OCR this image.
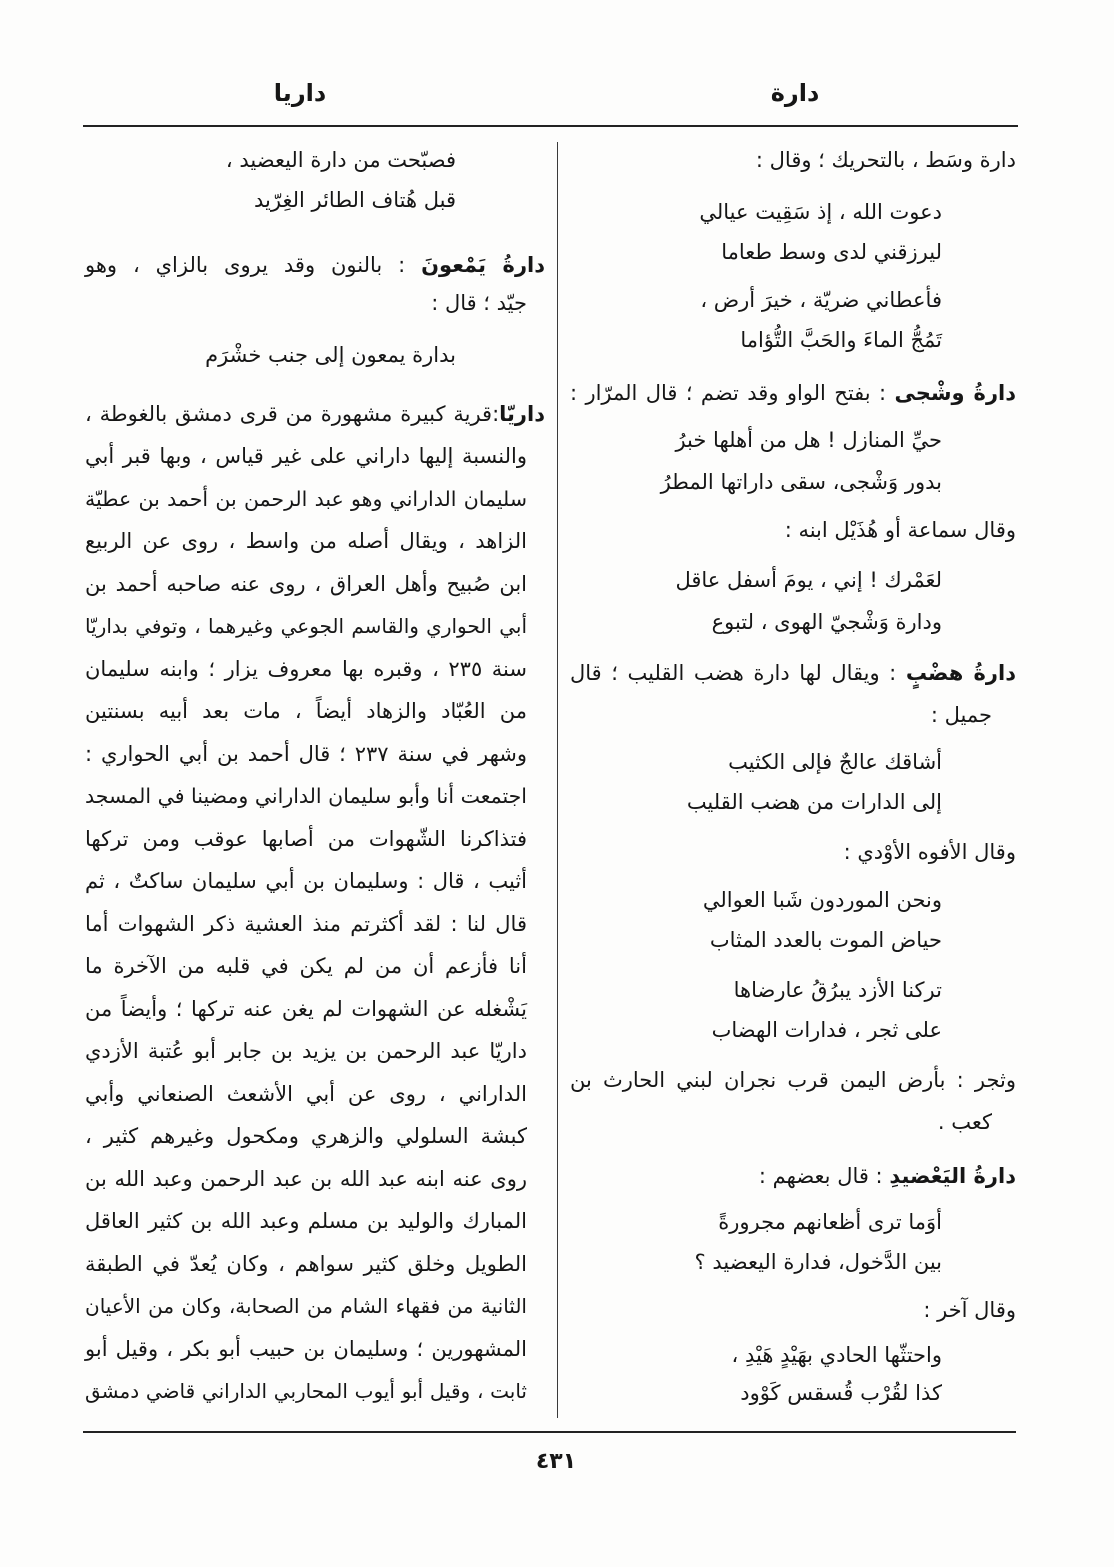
داريا	دارة
دارة وسَط ، بالتحريك ؛ وقال :
دعوت الله ، إذ سَقِيت عيالي
ليرزقني لدى وسط طعاما
فأعطاني ضريّة ، خيرَ أرض ،
تَمُجُّ الماءَ والحَبَّ التُّؤاما
دارةُ وشْجى : بفتح الواو وقد تضم ؛ قال المرّار :
حيِّ المنازل ! هل من أهلها خبرُ
بدور وَشْجى، سقى داراتها المطرُ
وقال سماعة أو هُذَيْل ابنه :
لعَمْرك ! إني ، يومَ أسفل عاقل
ودارة وَشْجيّ الهوى ، لتبوع
دارةُ هضْبٍ : ويقال لها دارة هضب القليب ؛ قال
جميل :
أشاقك عالجٌ فإلى الكثيب
إلى الدارات من هضب القليب
وقال الأفوه الأوْدي :
ونحن الموردون شَبا العوالي
حياض الموت بالعدد المثاب
تركنا الأزد يبرُقُ عارضاها
على ثجر ، فدارات الهضاب
وثجر : بأرض اليمن قرب نجران لبني الحارث بن
كعب .
دارةُ اليَعْضيدِ : قال بعضهم :
أوَما ترى أظعانهم مجرورةً
بين الدَّخول، فدارة اليعضيد ؟
وقال آخر :
واحتثّها الحادي بهَيْدٍ هَيْدِ ،
كذا لقُرْب قُسقس كَوْود
فصبّحت من دارة اليعضيد ،
قبل هُتاف الطائر الغِرّيد
دارةُ يَمْعونَ : بالنون وقد يروى بالزاي ، وهو
جيّد ؛ قال :
بدارة يمعون إلى جنب خشْرَم
داريّا:قرية كبيرة مشهورة من قرى دمشق بالغوطة ،
والنسبة إليها داراني على غير قياس ، وبها قبر أبي
سليمان الداراني وهو عبد الرحمن بن أحمد بن عطيّة
الزاهد ، ويقال أصله من واسط ، روى عن الربيع
ابن صُبيح وأهل العراق ، روى عنه صاحبه أحمد بن
أبي الحواري والقاسم الجوعي وغيرهما ، وتوفي بداريّا
سنة ٢٣٥ ، وقبره بها معروف يزار ؛ وابنه سليمان
من العُبّاد والزهاد أيضاً ، مات بعد أبيه بسنتين
وشهر في سنة ٢٣٧ ؛ قال أحمد بن أبي الحواري :
اجتمعت أنا وأبو سليمان الداراني ومضينا في المسجد
فتذاكرنا الشّهوات من أصابها عوقب ومن تركها
أثيب ، قال : وسليمان بن أبي سليمان ساكتٌ ، ثم
قال لنا : لقد أكثرتم منذ العشية ذكر الشهوات أما
أنا فأزعم أن من لم يكن في قلبه من الآخرة ما
يَشْغله عن الشهوات لم يغن عنه تركها ؛ وأيضاً من
داريّا عبد الرحمن بن يزيد بن جابر أبو عُتبة الأزدي
الداراني ، روى عن أبي الأشعث الصنعاني وأبي
كبشة السلولي والزهري ومكحول وغيرهم كثير ،
روى عنه ابنه عبد الله بن عبد الرحمن وعبد الله بن
المبارك والوليد بن مسلم وعبد الله بن كثير العاقل
الطويل وخلق كثير سواهم ، وكان يُعدّ في الطبقة
الثانية من فقهاء الشام من الصحابة، وكان من الأعيان
المشهورين ؛ وسليمان بن حبيب أبو بكر ، وقيل أبو
ثابت ، وقيل أبو أيوب المحاربي الداراني قاضي دمشق
٤٣١
